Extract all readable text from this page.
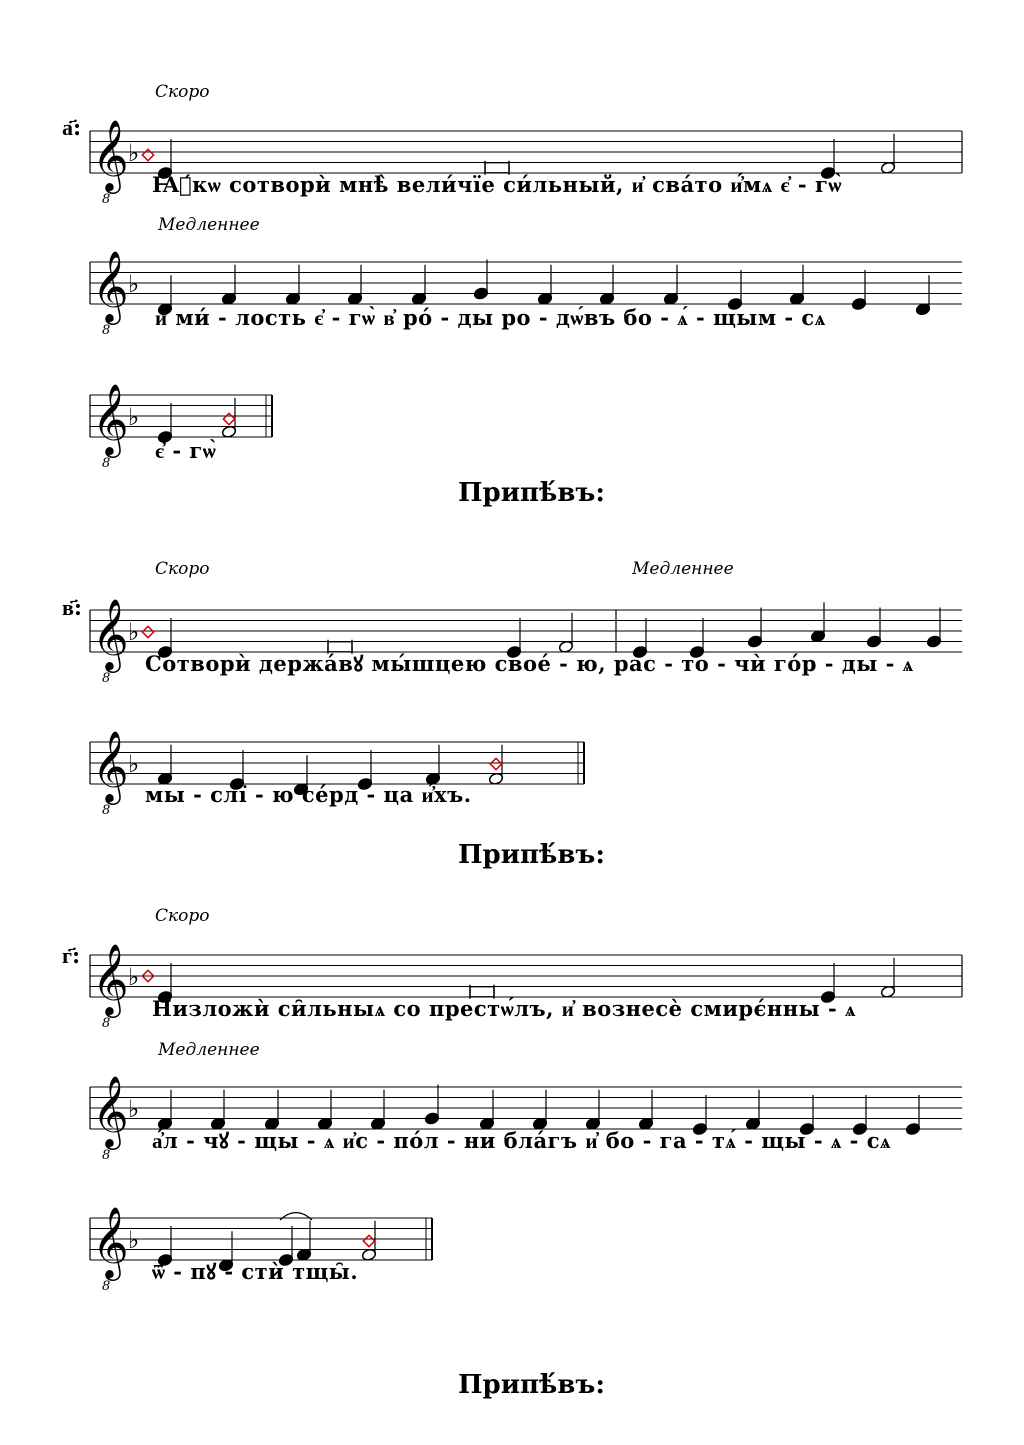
𝄞
8
♭
𝄞
8
♭
𝄞
8
♭
𝄞
8
♭
𝄞
8
♭
𝄞
8
♭
𝄞
8
♭
𝄞
8
♭
а҃:
в҃:
г҃:
Скоро
Медленнее
Скоро	Медленнее
Скоро
Медленнее
Ꙗ҆́кѡ сотворѝ мнѣ̀ вели́чїе си́льный, и҆ сва́то и҆́мѧ є҆ - гѡ̀
и҆ ми́ - лость є҆ - гѡ̀ в҆ ро́ - ды ро - дѡ́въ бо - ѧ́ - щым - сѧ
є҆ - гѡ̀
Сотворѝ держа́вꙋ мы́шцею свое́ - ю, рас - то - чѝ го́р - ды - ѧ
мы - слї - ю се́рд - ца и҆́хъ.
Низложѝ си̑льныѧ со престѡ́лъ, и҆ вознесѐ смирє́нны - ѧ
а҆́л - чꙋ - щы - ѧ и҆с - по́л - ни бла́гъ и҆ бо - га - тѧ́ - щы - ѧ - сѧ
ѿ - пꙋ - стѝ тщы̑.
Припѣ́въ:
Припѣ́въ:
Припѣ́въ:
